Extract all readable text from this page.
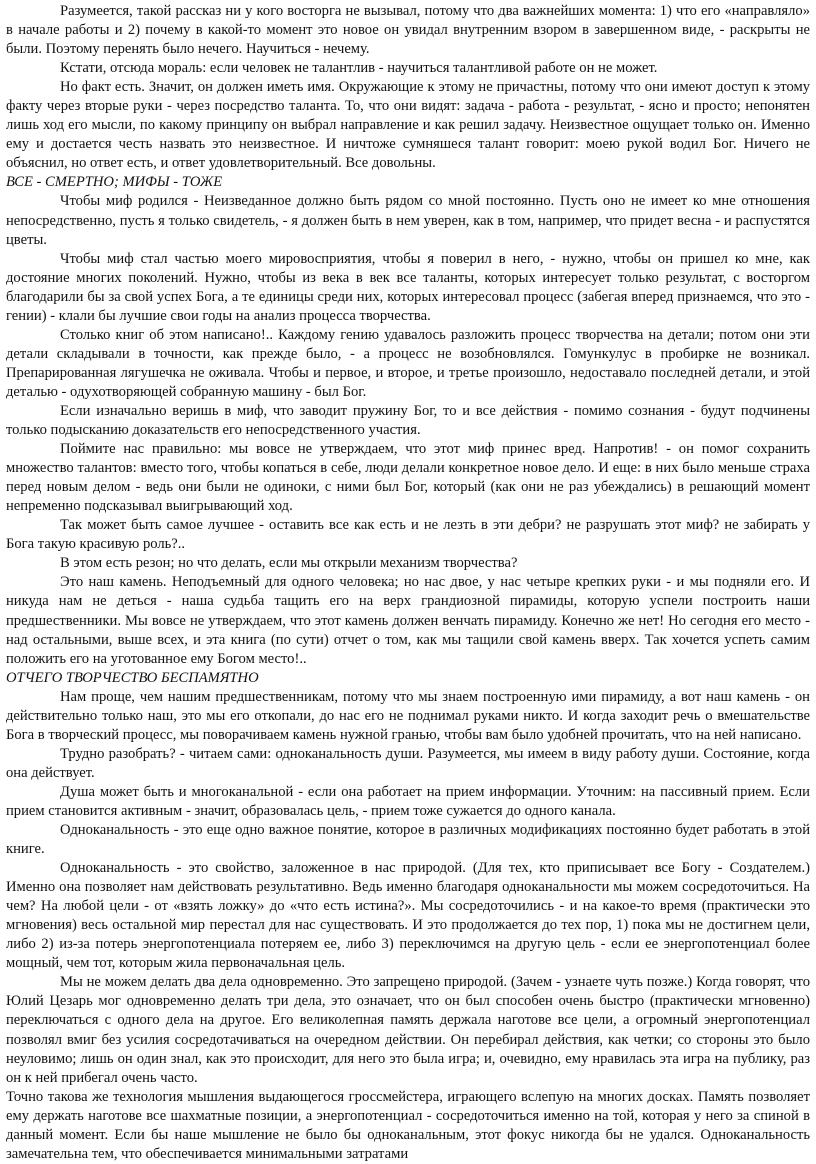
Разумеется, такой рассказ ни у кого восторга не вызывал, потому что два важнейших момента: 1) что его «направляло» в начале работы и 2) почему в какой-то момент это новое он увидал внутренним взором в завершенном виде, - раскрыты не были. Поэтому перенять было нечего. Научиться - нечему.

Кстати, отсюда мораль: если человек не талантлив - научиться талантливой работе он не может.

Но факт есть. Значит, он должен иметь имя. Окружающие к этому не причастны, потому что они имеют доступ к этому факту через вторые руки - через посредство таланта. То, что они видят: задача - работа - результат, - ясно и просто; непонятен лишь ход его мысли, по какому принципу он выбрал направление и как решил задачу. Неизвестное ощущает только он. Именно ему и достается честь назвать это неизвестное. И ничтоже сумняшеся талант говорит: моею рукой водил Бог. Ничего не объяснил, но ответ есть, и ответ удовлетворительный. Все довольны.

ВСЕ - СМЕРТНО; МИФЫ - ТОЖЕ

Чтобы миф родился - Неизведанное должно быть рядом со мной постоянно. Пусть оно не имеет ко мне отношения непосредственно, пусть я только свидетель, - я должен быть в нем уверен, как в том, например, что придет весна - и распустятся цветы.

Чтобы миф стал частью моего мировосприятия, чтобы я поверил в него, - нужно, чтобы он пришел ко мне, как достояние многих поколений. Нужно, чтобы из века в век все таланты, которых интересует только результат, с восторгом благодарили бы за свой успех Бога, а те единицы среди них, которых интересовал процесс (забегая вперед признаемся, что это - гении) - клали бы лучшие свои годы на анализ процесса творчества.

Столько книг об этом написано!.. Каждому гению удавалось разложить процесс творчества на детали; потом они эти детали складывали в точности, как прежде было, - а процесс не возобновлялся. Гомункулус в пробирке не возникал. Препарированная лягушечка не оживала. Чтобы и первое, и второе, и третье произошло, недоставало последней детали, и этой деталью - одухотворяющей собранную машину - был Бог.

Если изначально веришь в миф, что заводит пружину Бог, то и все действия - помимо сознания - будут подчинены только подысканию доказательств его непосредственного участия.

Поймите нас правильно: мы вовсе не утверждаем, что этот миф принес вред. Напротив! - он помог сохранить множество талантов: вместо того, чтобы копаться в себе, люди делали конкретное новое дело. И еще: в них было меньше страха перед новым делом - ведь они были не одиноки, с ними был Бог, который (как они не раз убеждались) в решающий момент непременно подсказывал выигрывающий ход.

Так может быть самое лучшее - оставить все как есть и не лезть в эти дебри? не разрушать этот миф? не забирать у Бога такую красивую роль?..

В этом есть резон; но что делать, если мы открыли механизм творчества?

Это наш камень. Неподъемный для одного человека; но нас двое, у нас четыре крепких руки - и мы подняли его. И никуда нам не деться - наша судьба тащить его на верх грандиозной пирамиды, которую успели построить наши предшественники. Мы вовсе не утверждаем, что этот камень должен венчать пирамиду. Конечно же нет! Но сегодня его место - над остальными, выше всех, и эта книга (по сути) отчет о том, как мы тащили свой камень вверх. Так хочется успеть самим положить его на уготованное ему Богом место!..

ОТЧЕГО ТВОРЧЕСТВО БЕСПАМЯТНО

Нам проще, чем нашим предшественникам, потому что мы знаем построенную ими пирамиду, а вот наш камень - он действительно только наш, это мы его откопали, до нас его не поднимал руками никто. И когда заходит речь о вмешательстве Бога в творческий процесс, мы поворачиваем камень нужной гранью, чтобы вам было удобней прочитать, что на ней написано.

Трудно разобрать? - читаем сами: одноканальность души. Разумеется, мы имеем в виду работу души. Состояние, когда она действует.

Душа может быть и многоканальной - если она работает на прием информации. Уточним: на пассивный прием. Если прием становится активным - значит, образовалась цель, - прием тоже сужается до одного канала.

Одноканальность - это еще одно важное понятие, которое в различных модификациях постоянно будет работать в этой книге.

Одноканальность - это свойство, заложенное в нас природой. (Для тех, кто приписывает все Богу - Создателем.) Именно она позволяет нам действовать результативно. Ведь именно благодаря одноканальности мы можем сосредоточиться. На чем? На любой цели - от «взять ложку» до «что есть истина?». Мы сосредоточились - и на какое-то время (практически это мгновения) весь остальной мир перестал для нас существовать. И это продолжается до тех пор, 1) пока мы не достигнем цели, либо 2) из-за потерь энергопотенциала потеряем ее, либо 3) переключимся на другую цель - если ее энергопотенциал более мощный, чем тот, которым жила первоначальная цель.

Мы не можем делать два дела одновременно. Это запрещено природой. (Зачем - узнаете чуть позже.) Когда говорят, что Юлий Цезарь мог одновременно делать три дела, это означает, что он был способен очень быстро (практически мгновенно) переключаться с одного дела на другое. Его великолепная память держала наготове все цели, а огромный энергопотенциал позволял вмиг без усилия сосредотачиваться на очередном действии. Он перебирал действия, как четки; со стороны это было неуловимо; лишь он один знал, как это происходит, для него это была игра; и, очевидно, ему нравилась эта игра на публику, раз он к ней прибегал очень часто.

Точно такова же технология мышления выдающегося гроссмейстера, играющего вслепую на многих досках. Память позволяет ему держать наготове все шахматные позиции, а энергопотенциал - сосредоточиться именно на той, которая у него за спиной в данный момент. Если бы наше мышление не было бы одноканальным, этот фокус никогда бы не удался. Одноканальность замечательна тем, что обеспечивается минимальными затратами
